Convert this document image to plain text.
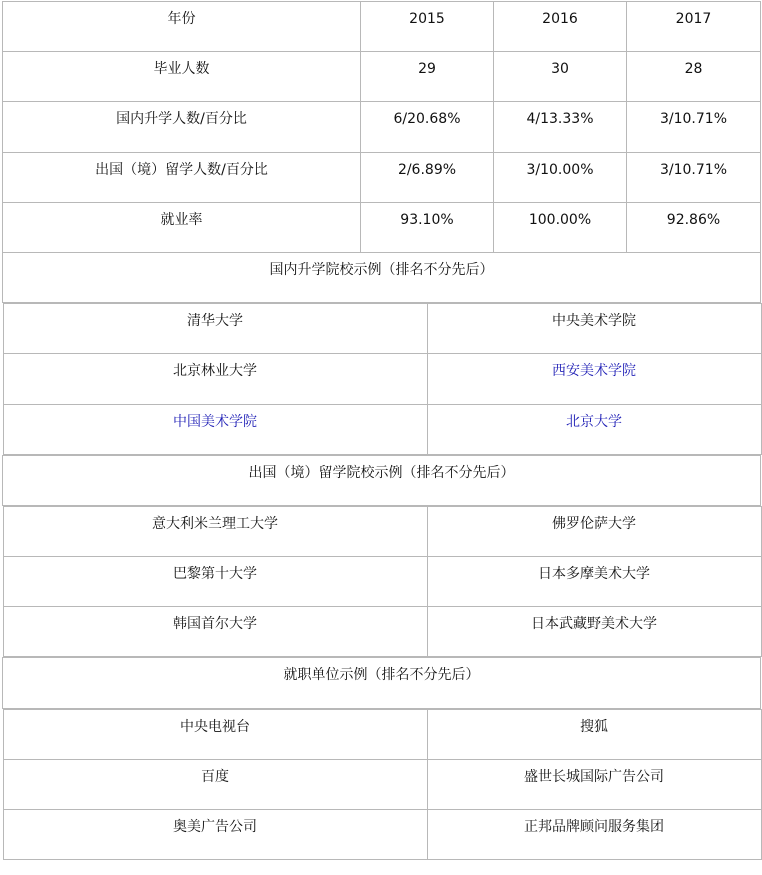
年份	2015	2016	2017
毕业人数	29	30	28
国内升学人数/百分比	6/20.68%	4/13.33%	3/10.71%
出国（境）留学人数/百分比	2/6.89%	3/10.00%	3/10.71%
就业率	93.10%	100.00%	92.86%
国内升学院校示例（排名不分先后）

清华大学	中央美术学院
北京林业大学	西安美术学院
中国美术学院	北京大学

出国（境）留学院校示例（排名不分先后）

意大利米兰理工大学	佛罗伦萨大学
巴黎第十大学	日本多摩美术大学
韩国首尔大学	日本武藏野美术大学

就职单位示例（排名不分先后）

中央电视台	搜狐
百度	盛世长城国际广告公司
奥美广告公司	正邦品牌顾问服务集团
